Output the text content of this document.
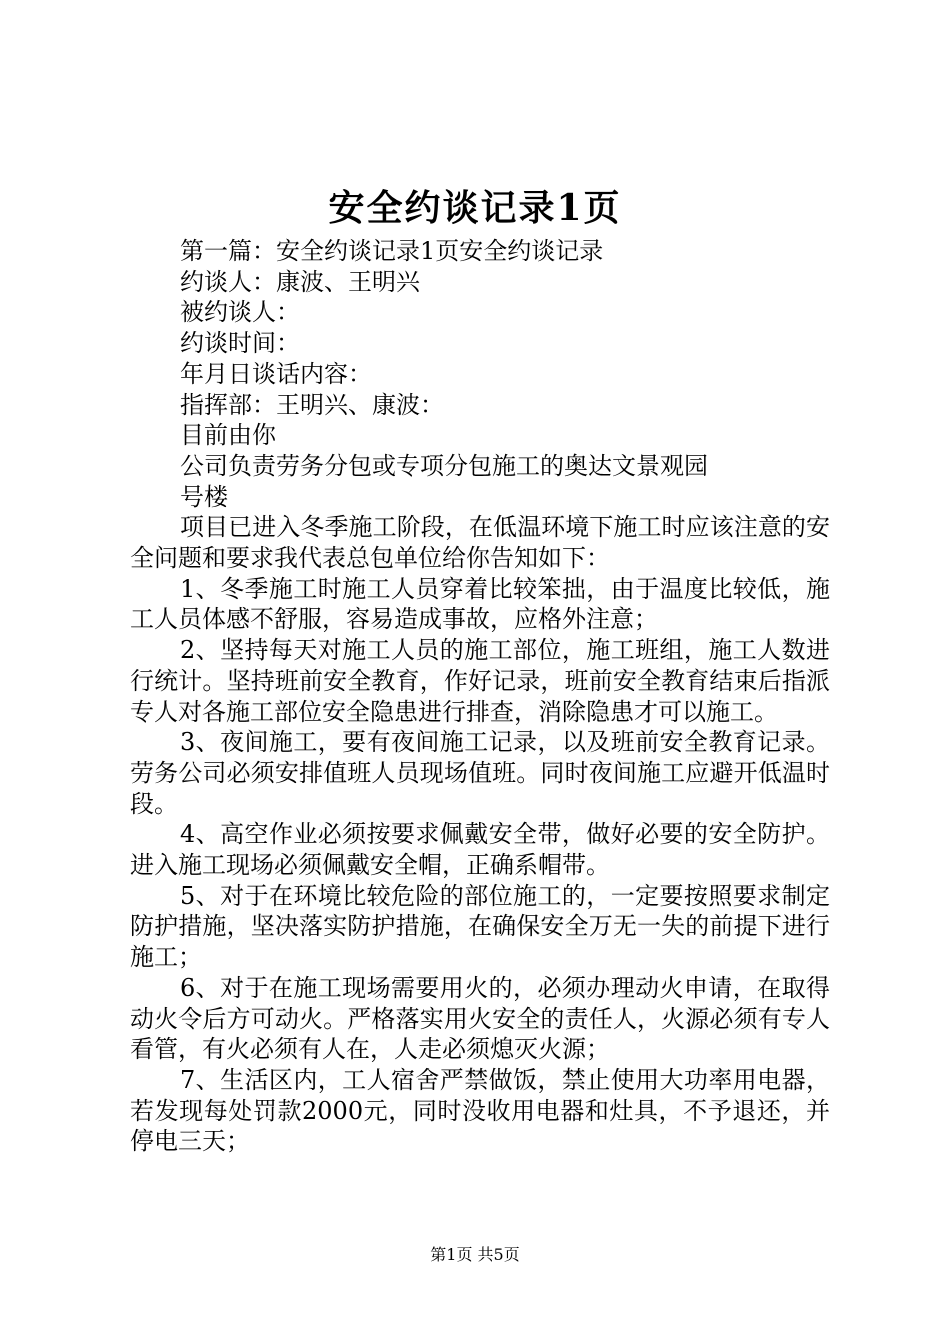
安全约谈记录1页
第一篇：安全约谈记录1页安全约谈记录
约谈人：康波、王明兴
被约谈人：
约谈时间：
年月日谈话内容：
指挥部：王明兴、康波：
目前由你
公司负责劳务分包或专项分包施工的奥达文景观园
号楼

项目已进入冬季施工阶段，在低温环境下施工时应该注意的安全问题和要求我代表总包单位给你告知如下：

1、冬季施工时施工人员穿着比较笨拙，由于温度比较低，施工人员体感不舒服，容易造成事故，应格外注意；

2、坚持每天对施工人员的施工部位，施工班组，施工人数进行统计。坚持班前安全教育，作好记录，班前安全教育结束后指派专人对各施工部位安全隐患进行排查，消除隐患才可以施工。

3、夜间施工，要有夜间施工记录，以及班前安全教育记录。劳务公司必须安排值班人员现场值班。同时夜间施工应避开低温时段。

4、高空作业必须按要求佩戴安全带，做好必要的安全防护。进入施工现场必须佩戴安全帽，正确系帽带。

5、对于在环境比较危险的部位施工的，一定要按照要求制定防护措施，坚决落实防护措施，在确保安全万无一失的前提下进行施工；

6、对于在施工现场需要用火的，必须办理动火申请，在取得动火令后方可动火。严格落实用火安全的责任人，火源必须有专人看管，有火必须有人在，人走必须熄灭火源；

7、生活区内，工人宿舍严禁做饭，禁止使用大功率用电器，若发现每处罚款2000元，同时没收用电器和灶具，不予退还，并停电三天；

第1页 共5页
